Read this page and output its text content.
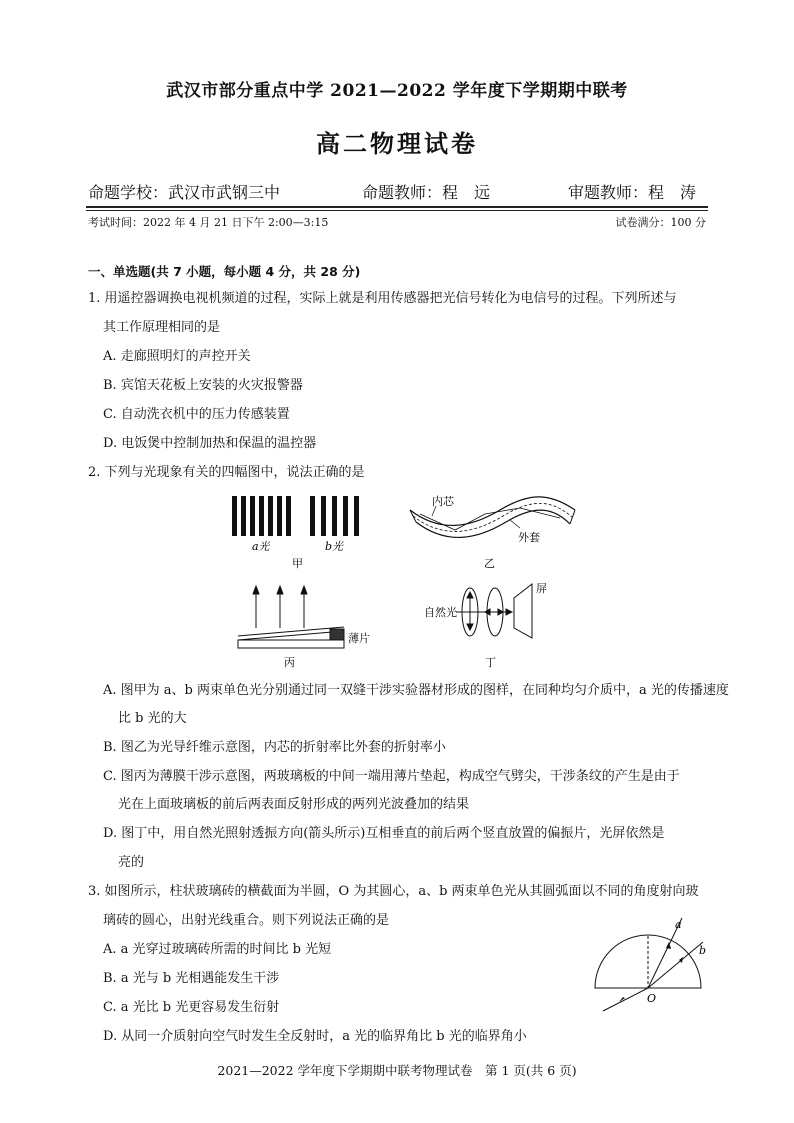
武汉市部分重点中学 2021—2022 学年度下学期期中联考
高二物理试卷
命题学校：武汉市武钢三中	命题教师：程　远	审题教师：程　涛
考试时间：2022 年 4 月 21 日下午 2:00—3:15	试卷满分：100 分
一、单选题(共 7 小题，每小题 4 分，共 28 分)
1. 用遥控器调换电视机频道的过程，实际上就是利用传感器把光信号转化为电信号的过程。下列所述与
其工作原理相同的是
A. 走廊照明灯的声控开关
B. 宾馆天花板上安装的火灾报警器
C. 自动洗衣机中的压力传感装置
D. 电饭煲中控制加热和保温的温控器
2. 下列与光现象有关的四幅图中，说法正确的是
a光	b光
甲
内芯
外套
乙
薄片
丙
自然光
屏
丁
A. 图甲为 a、b 两束单色光分别通过同一双缝干涉实验器材形成的图样，在同种均匀介质中，a 光的传播速度
比 b 光的大
B. 图乙为光导纤维示意图，内芯的折射率比外套的折射率小
C. 图丙为薄膜干涉示意图，两玻璃板的中间一端用薄片垫起，构成空气劈尖，干涉条纹的产生是由于
光在上面玻璃板的前后两表面反射形成的两列光波叠加的结果
D. 图丁中，用自然光照射透振方向(箭头所示)互相垂直的前后两个竖直放置的偏振片，光屏依然是
亮的
3. 如图所示，柱状玻璃砖的横截面为半圆，O 为其圆心，a、b 两束单色光从其圆弧面以不同的角度射向玻
璃砖的圆心，出射光线重合。则下列说法正确的是
A. a 光穿过玻璃砖所需的时间比 b 光短
B. a 光与 b 光相遇能发生干涉
C. a 光比 b 光更容易发生衍射
D. 从同一介质射向空气时发生全反射时，a 光的临界角比 b 光的临界角小
a
b
O
2021—2022 学年度下学期期中联考物理试卷　第 1 页(共 6 页)
